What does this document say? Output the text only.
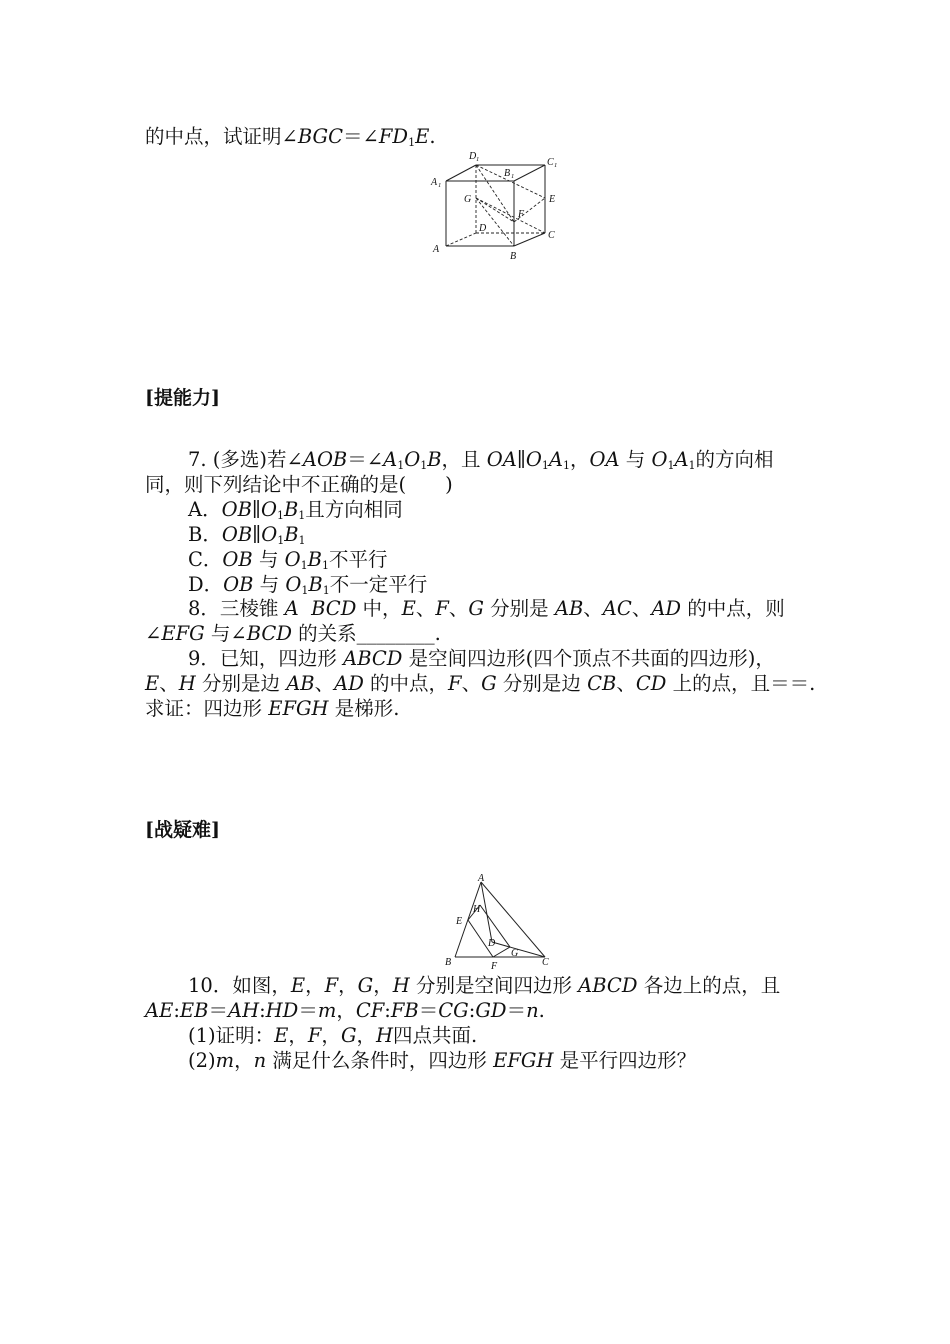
的中点，试证明$\angle BGC=\angle FD_1E$.
D 1	C 1
A 1
B 1
E
G
F
D
C
A
B
[提能力]
7. (多选)若$\angle AOB=\angle A_1O_1B$，且 $OA\parallel O_1A_1$，OA 与 $O_1A_1$的方向相
同，则下列结论中不正确的是(　　)
A．$OB\parallel O_1B_1$且方向相同
B．$OB\parallel O_1B_1$
C．OB 与 $O_1B_1$不平行
D．OB 与 $O_1B_1$不一定平行
8．三棱锥 A BCD 中，E、F、G 分别是 AB、AC、AD 的中点，则
∠EFG 与∠BCD 的关系________.
9．已知，四边形 ABCD 是空间四边形(四个顶点不共面的四边形)，
E、H 分别是边 AB、AD 的中点，F、G 分别是边 CB、CD 上的点，且＝＝.
求证：四边形 EFGH 是梯形.
[战疑难]
A
H
E
D
G
B	F	C
10．如图，E，F，G，H 分别是空间四边形 ABCD 各边上的点，且
AE:EB＝AH:HD＝m，CF:FB＝CG:GD＝n.
(1)证明：E，F，G，H四点共面.
(2)m，n 满足什么条件时，四边形 EFGH 是平行四边形？
